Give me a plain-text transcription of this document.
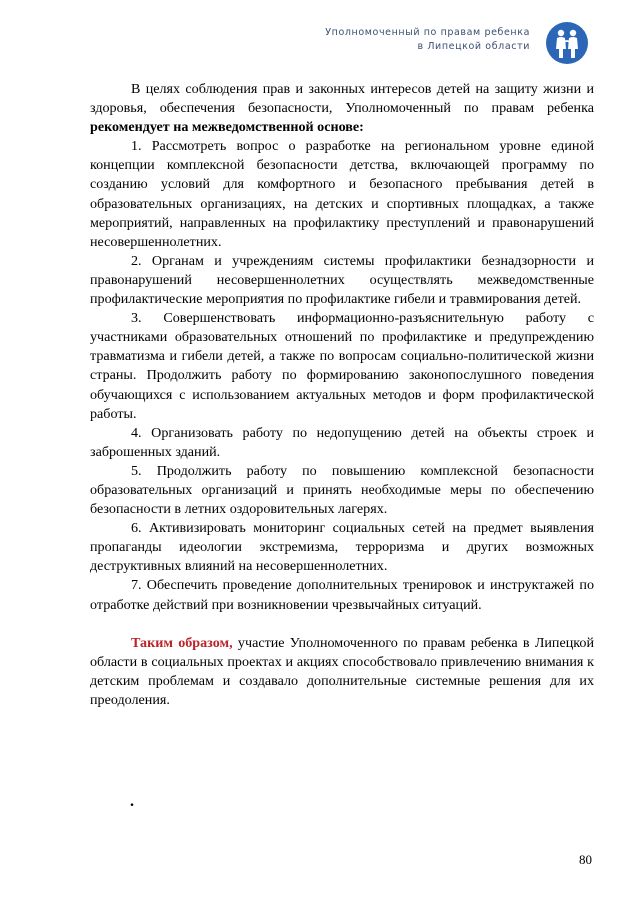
Уполномоченный по правам ребенка
в Липецкой области

В целях соблюдения прав и законных интересов детей на защиту жизни и здоровья, обеспечения безопасности, Уполномоченный по правам ребенка рекомендует на межведомственной основе:

1. Рассмотреть вопрос о разработке на региональном уровне единой концепции комплексной безопасности детства, включающей программу по созданию условий для комфортного и безопасного пребывания детей в образовательных организациях, на детских и спортивных площадках, а также мероприятий, направленных на профилактику преступлений и правонарушений несовершеннолетних.

2. Органам и учреждениям системы профилактики безнадзорности и правонарушений несовершеннолетних осуществлять межведомственные профилактические мероприятия по профилактике гибели и травмирования детей.

3. Совершенствовать информационно-разъяснительную работу с участниками образовательных отношений по профилактике и предупреждению травматизма и гибели детей, а также по вопросам социально-политической жизни страны. Продолжить работу по формированию законопослушного поведения обучающихся с использованием актуальных методов и форм профилактической работы.

4. Организовать работу по недопущению детей на объекты строек и заброшенных зданий.

5. Продолжить работу по повышению комплексной безопасности образовательных организаций и принять необходимые меры по обеспечению безопасности в летних оздоровительных лагерях.

6. Активизировать мониторинг социальных сетей на предмет выявления пропаганды идеологии экстремизма, терроризма и других возможных деструктивных влияний на несовершеннолетних.

7. Обеспечить проведение дополнительных тренировок и инструктажей по отработке действий при возникновении чрезвычайных ситуаций.

Таким образом, участие Уполномоченного по правам ребенка в Липецкой области в социальных проектах и акциях способствовало привлечению внимания к детским проблемам и создавало дополнительные системные решения для их преодоления.

.
80
